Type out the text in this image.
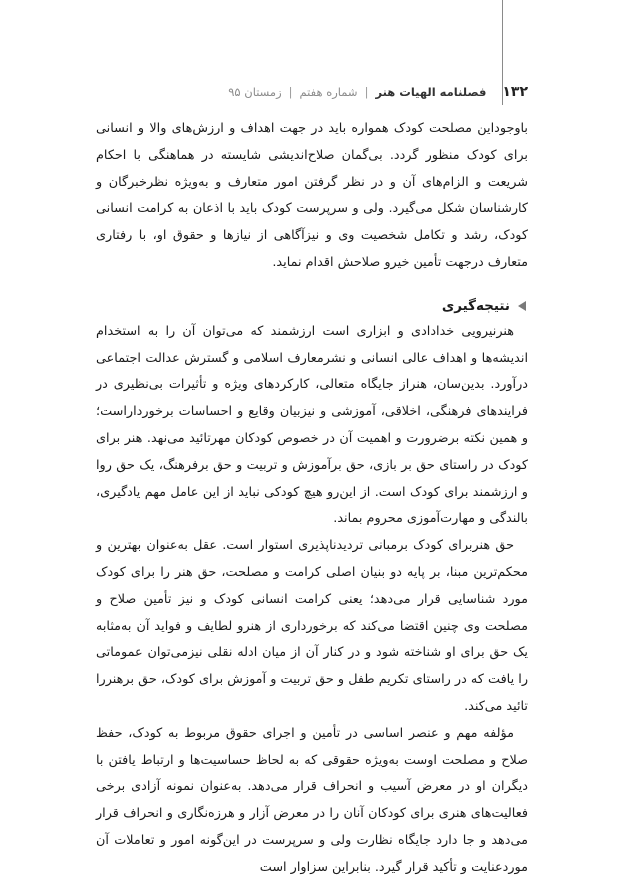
۱۳۲
فصلنامه الهیات هنر
|
شماره هفتم
|
زمستان ۹۵

باوجوداین مصلحت کودک همواره باید در جهت اهداف و ارزش‌های والا و انسانی برای کودک منظور گردد. بی‌گمان صلاح‌اندیشی شایسته در هماهنگی با احکام شریعت و الزام‌های آن و در نظر گرفتن امور متعارف و به‌ویژه نظرخبرگان و کارشناسان شکل می‌گیرد. ولی و سرپرست کودک باید با اذعان به کرامت انسانی کودک، رشد و تکامل شخصیت وی و نیزآگاهی از نیازها و حقوق او، با رفتاری متعارف درجهت تأمین خیرو صلاحش اقدام نماید.

نتیجه‌گیری

هنرنیرویی خدادادی و ابزاری است ارزشمند که می‌توان آن را به استخدام اندیشه‌ها و اهداف عالی انسانی و نشرمعارف اسلامی و گسترش عدالت اجتماعی درآورد. بدین‌سان، هنراز جایگاه متعالی، کارکردهای ویژه و تأثیرات بی‌نظیری در فرایندهای فرهنگی، اخلاقی، آموزشی و نیزبیان وقایع و احساسات برخورداراست؛ و همین نکته برضرورت و اهمیت آن در خصوص کودکان مهرتائید می‌نهد. هنر برای کودک در راستای حق بر بازی، حق برآموزش و تربیت و حق برفرهنگ، یک حق روا و ارزشمند برای کودک است. از این‌رو هیچ کودکی نباید از این عامل مهم یادگیری، بالندگی و مهارت‌آموزی محروم بماند.

حق هنربرای کودک برمبانی تردیدناپذیری استوار است. عقل به‌عنوان بهترین و محکم‌ترین مبنا، بر پایه دو بنیان اصلی کرامت و مصلحت، حق هنر را برای کودک مورد شناسایی قرار می‌دهد؛ یعنی کرامت انسانی کودک و نیز تأمین صلاح و مصلحت وی چنین اقتضا می‌کند که برخورداری از هنرو لطایف و فواید آن به‌مثابه یک حق برای او شناخته شود و در کنار آن از میان ادله نقلی نیزمی‌توان عموماتی را یافت که در راستای تکریم طفل و حق تربیت و آموزش برای کودک، حق برهنررا تائید می‌کند.

مؤلفه مهم و عنصر اساسی در تأمین و اجرای حقوق مربوط به کودک، حفظ صلاح و مصلحت اوست به‌ویژه حقوقی که به لحاظ حساسیت‌ها و ارتباط یافتن با دیگران او در معرض آسیب و انحراف قرار می‌دهد. به‌عنوان نمونه آزادی برخی فعالیت‌های هنری برای کودکان آنان را در معرض آزار و هرزه‌نگاری و انحراف قرار می‌دهد و جا دارد جایگاه نظارت ولی و سرپرست در این‌گونه امور و تعاملات آن موردعنایت و تأکید قرار گیرد. بنابراین سزاوار است
